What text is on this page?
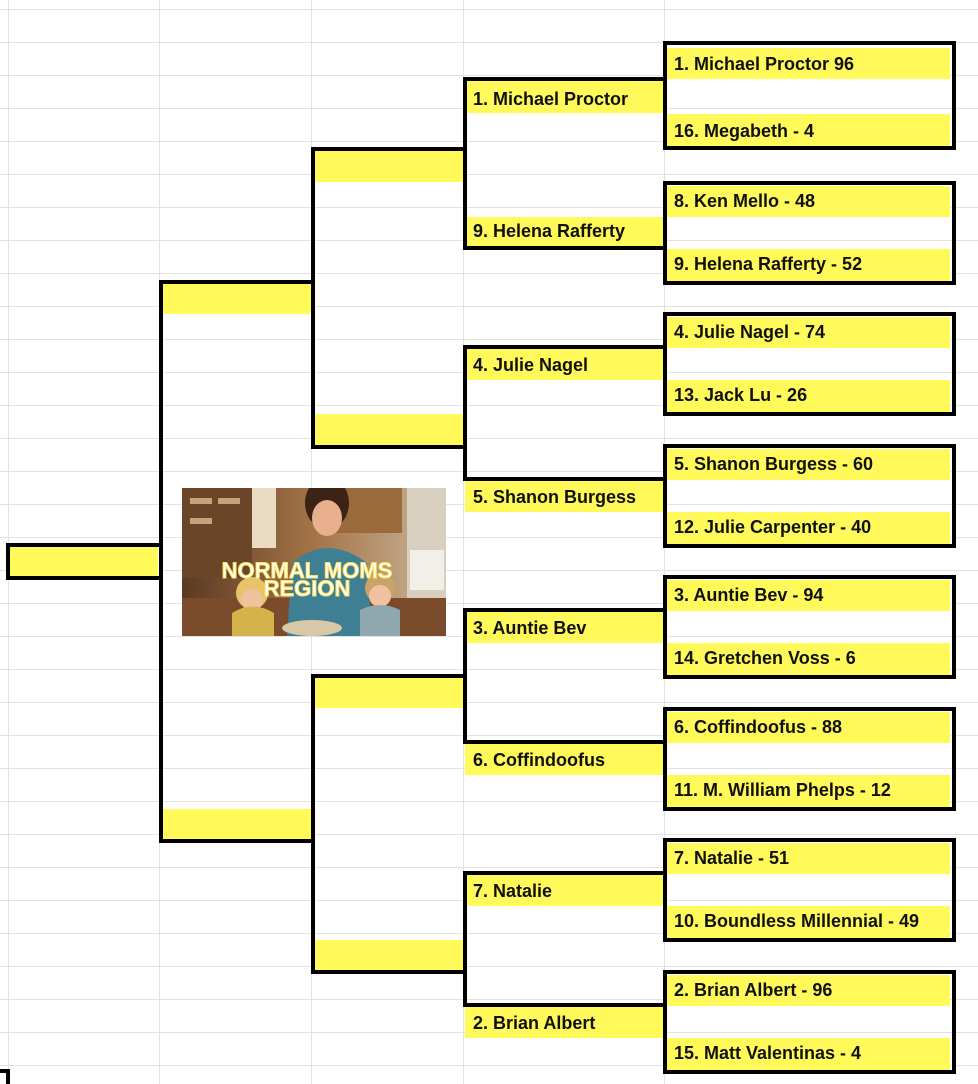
1. Michael Proctor 96
16. Megabeth - 4
8. Ken Mello - 48
9. Helena Rafferty - 52
4. Julie Nagel - 74
13. Jack Lu - 26
5. Shanon Burgess - 60
12. Julie Carpenter - 40
3. Auntie Bev - 94
14. Gretchen Voss - 6
6. Coffindoofus - 88
11. M. William Phelps - 12
7. Natalie - 51
10. Boundless Millennial - 49
2. Brian Albert - 96
15. Matt Valentinas - 4
1. Michael Proctor
9. Helena Rafferty
4. Julie Nagel
5. Shanon Burgess
3. Auntie Bev
6. Coffindoofus
7. Natalie
2. Brian Albert
NORMAL MOMS
REGION
